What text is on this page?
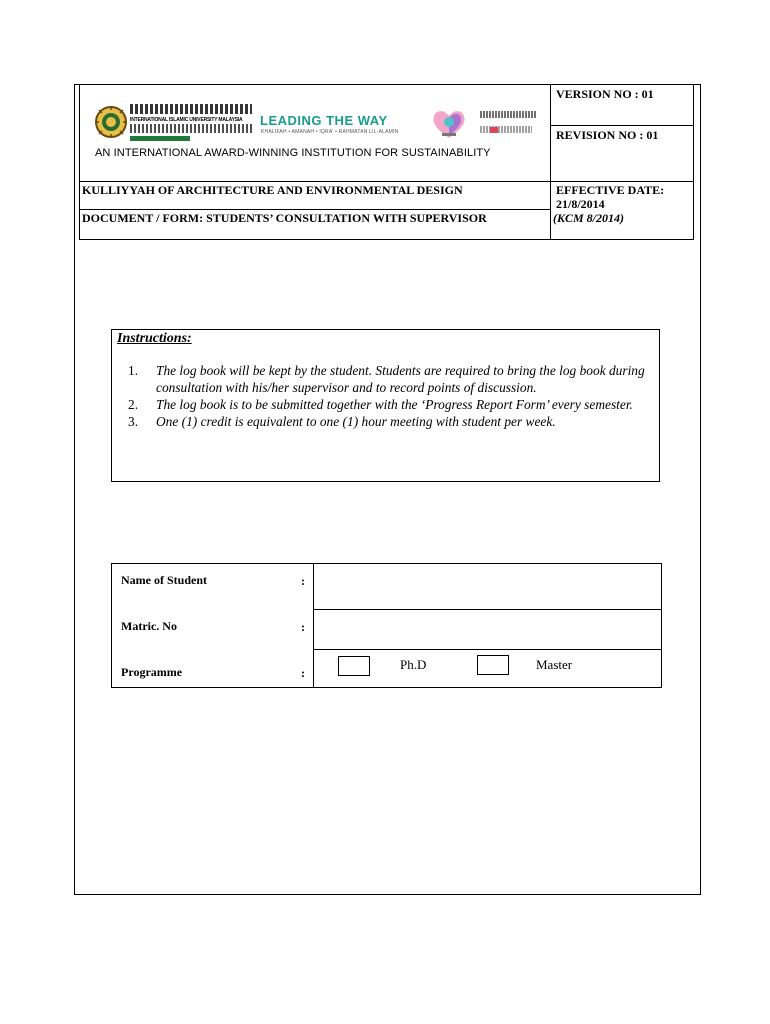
INTERNATIONAL ISLAMIC UNIVERSITY MALAYSIA	LEADING THE WAY
KHALIFAH • AMANAH • IQRA' • RAHMATAN LIL-ALAMIN
AN INTERNATIONAL AWARD-WINNING INSTITUTION FOR SUSTAINABILITY
VERSION NO : 01
REVISION NO : 01
KULLIYYAH OF ARCHITECTURE AND ENVIRONMENTAL DESIGN
DOCUMENT / FORM: STUDENTS’ CONSULTATION WITH SUPERVISOR
EFFECTIVE DATE:
21/8/2014
(KCM 8/2014)
Instructions:
1. The log book will be kept by the student. Students are required to bring the log book during consultation with his/her supervisor and to record points of discussion.
2. The log book is to be submitted together with the ‘Progress Report Form’ every semester.
3. One (1) credit is equivalent to one (1) hour meeting with student per week.
Name of Student	:
Matric. No	:
Programme	:
Ph.D	Master
